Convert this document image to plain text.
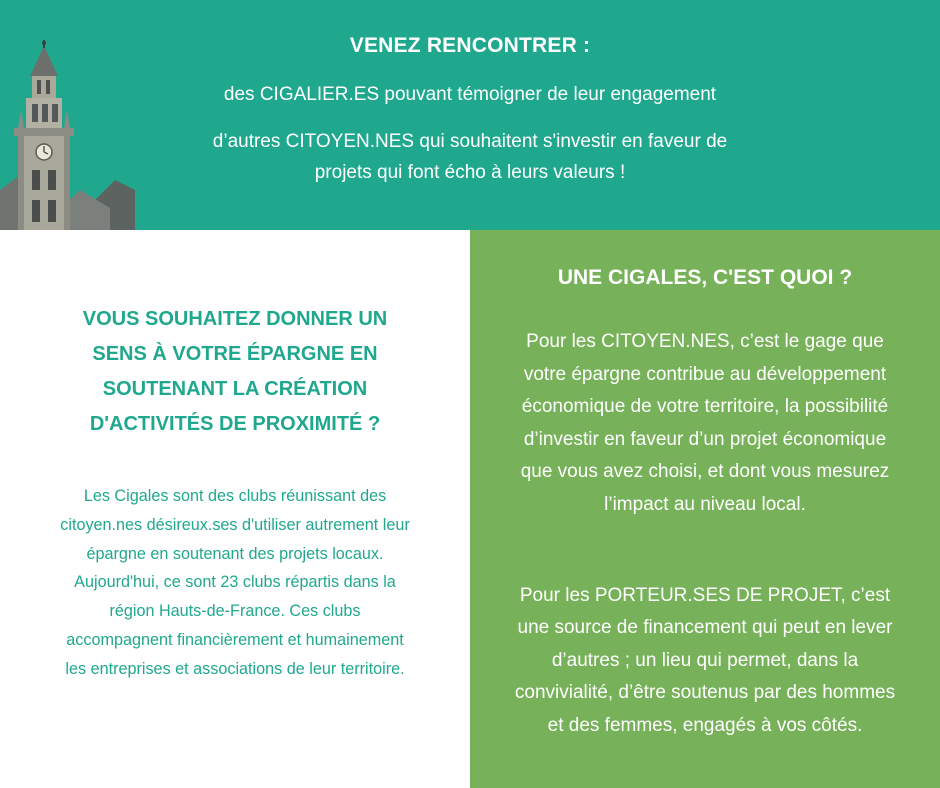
VENEZ RENCONTRER :
des CIGALIER.ES pouvant témoigner de leur engagement
d’autres CITOYEN.NES qui souhaitent s'investir en faveur de
projets qui font écho à leurs valeurs !
VOUS SOUHAITEZ DONNER UN
SENS À VOTRE ÉPARGNE EN
SOUTENANT LA CRÉATION
D'ACTIVITÉS DE PROXIMITÉ ?
Les Cigales sont des clubs réunissant des
citoyen.nes désireux.ses d'utiliser autrement leur
épargne en soutenant des projets locaux.
Aujourd'hui, ce sont 23 clubs répartis dans la
région Hauts-de-France. Ces clubs
accompagnent financièrement et humainement
les entreprises et associations de leur territoire.
UNE CIGALES, C'EST QUOI ?
Pour les CITOYEN.NES, c’est le gage que
votre épargne contribue au développement
économique de votre territoire, la possibilité
d’investir en faveur d’un projet économique
que vous avez choisi, et dont vous mesurez
l’impact au niveau local.
Pour les PORTEUR.SES DE PROJET, c’est
une source de financement qui peut en lever
d’autres ; un lieu qui permet, dans la
convivialité, d’être soutenus par des hommes
et des femmes, engagés à vos côtés.
